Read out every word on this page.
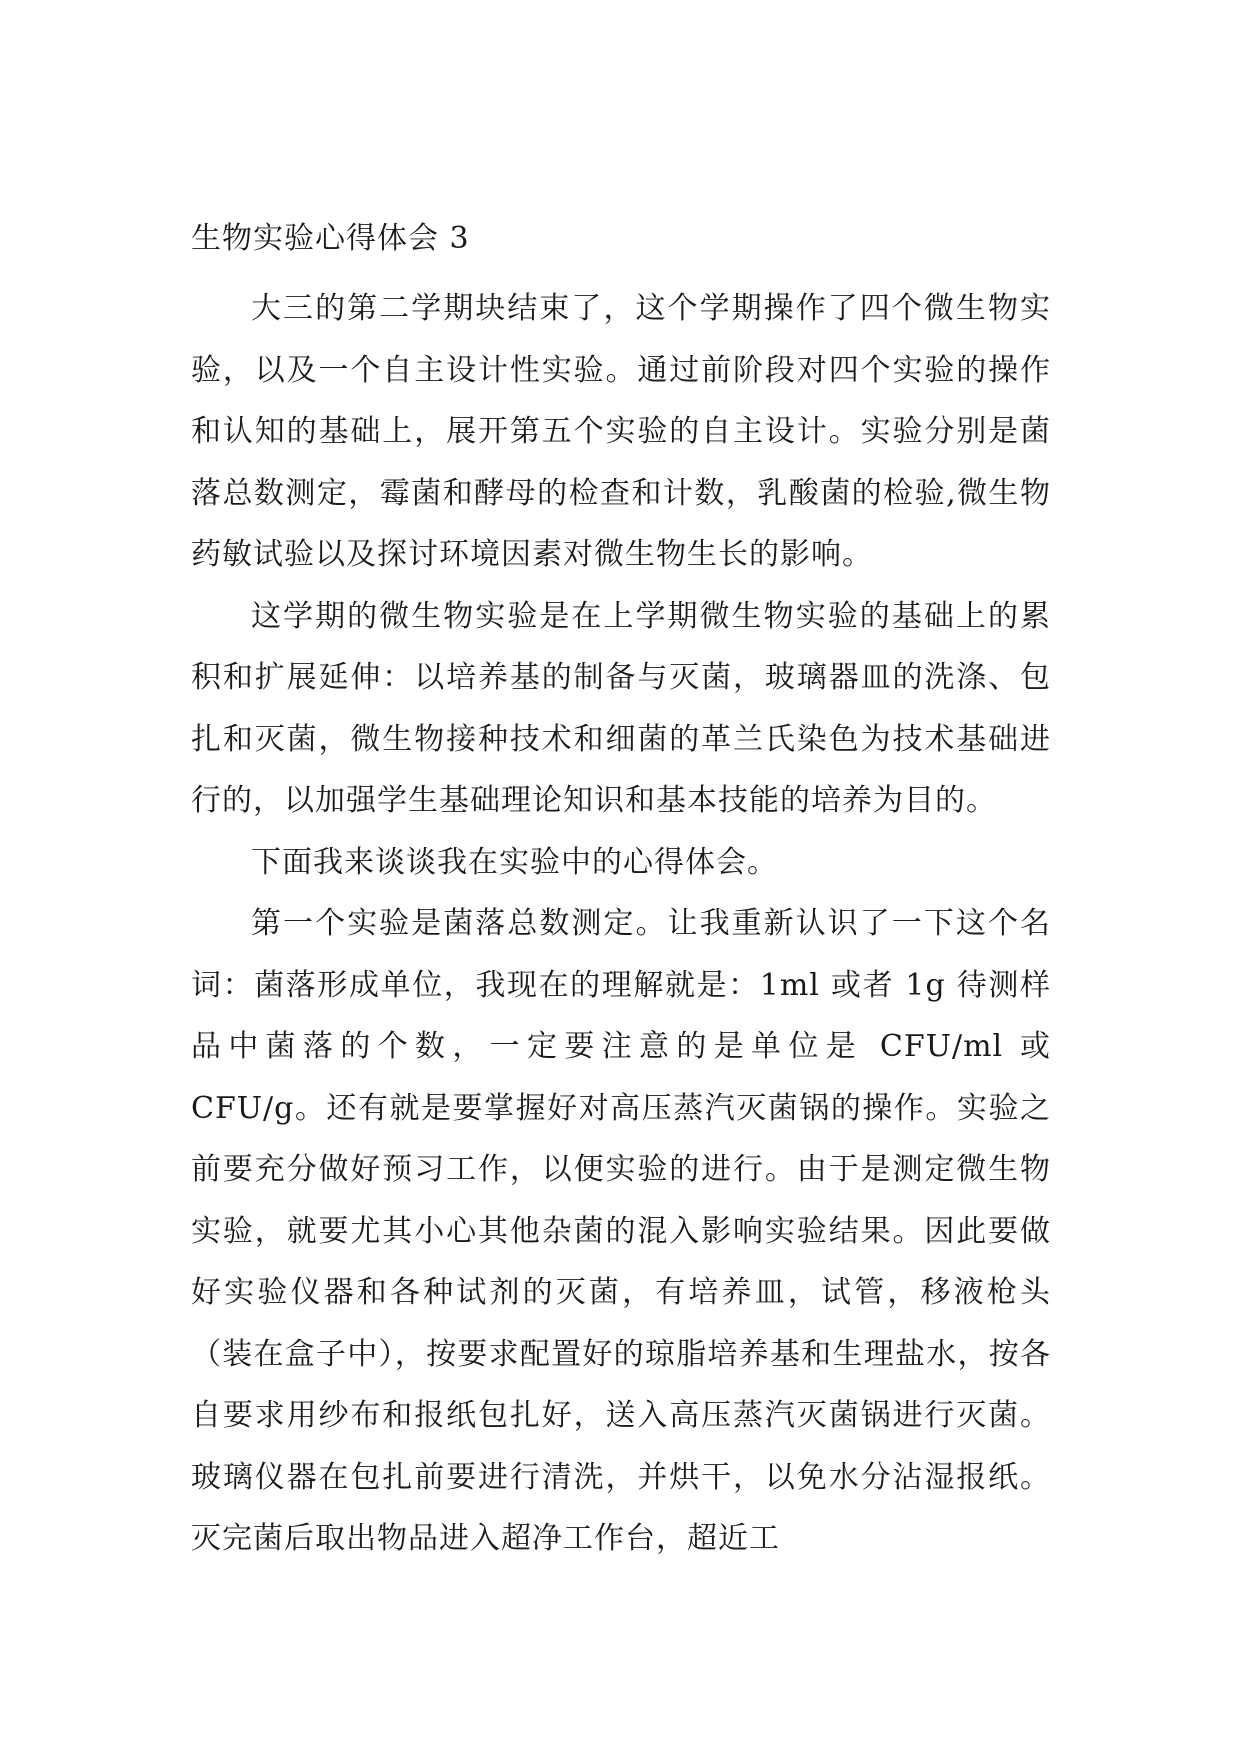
生物实验心得体会 3

大三的第二学期块结束了，这个学期操作了四个微生物实验，以及一个自主设计性实验。通过前阶段对四个实验的操作和认知的基础上，展开第五个实验的自主设计。实验分别是菌落总数测定，霉菌和酵母的检查和计数，乳酸菌的检验,微生物药敏试验以及探讨环境因素对微生物生长的影响。

这学期的微生物实验是在上学期微生物实验的基础上的累积和扩展延伸：以培养基的制备与灭菌，玻璃器皿的洗涤、包扎和灭菌，微生物接种技术和细菌的革兰氏染色为技术基础进行的，以加强学生基础理论知识和基本技能的培养为目的。

下面我来谈谈我在实验中的心得体会。

第一个实验是菌落总数测定。让我重新认识了一下这个名词：菌落形成单位，我现在的理解就是：1ml 或者 1g 待测样品中菌落的个数，一定要注意的是单位是 CFU/ml 或 CFU/g。还有就是要掌握好对高压蒸汽灭菌锅的操作。实验之前要充分做好预习工作，以便实验的进行。由于是测定微生物实验，就要尤其小心其他杂菌的混入影响实验结果。因此要做好实验仪器和各种试剂的灭菌，有培养皿，试管，移液枪头（装在盒子中），按要求配置好的琼脂培养基和生理盐水，按各自要求用纱布和报纸包扎好，送入高压蒸汽灭菌锅进行灭菌。玻璃仪器在包扎前要进行清洗，并烘干，以免水分沾湿报纸。灭完菌后取出物品进入超净工作台，超近工
